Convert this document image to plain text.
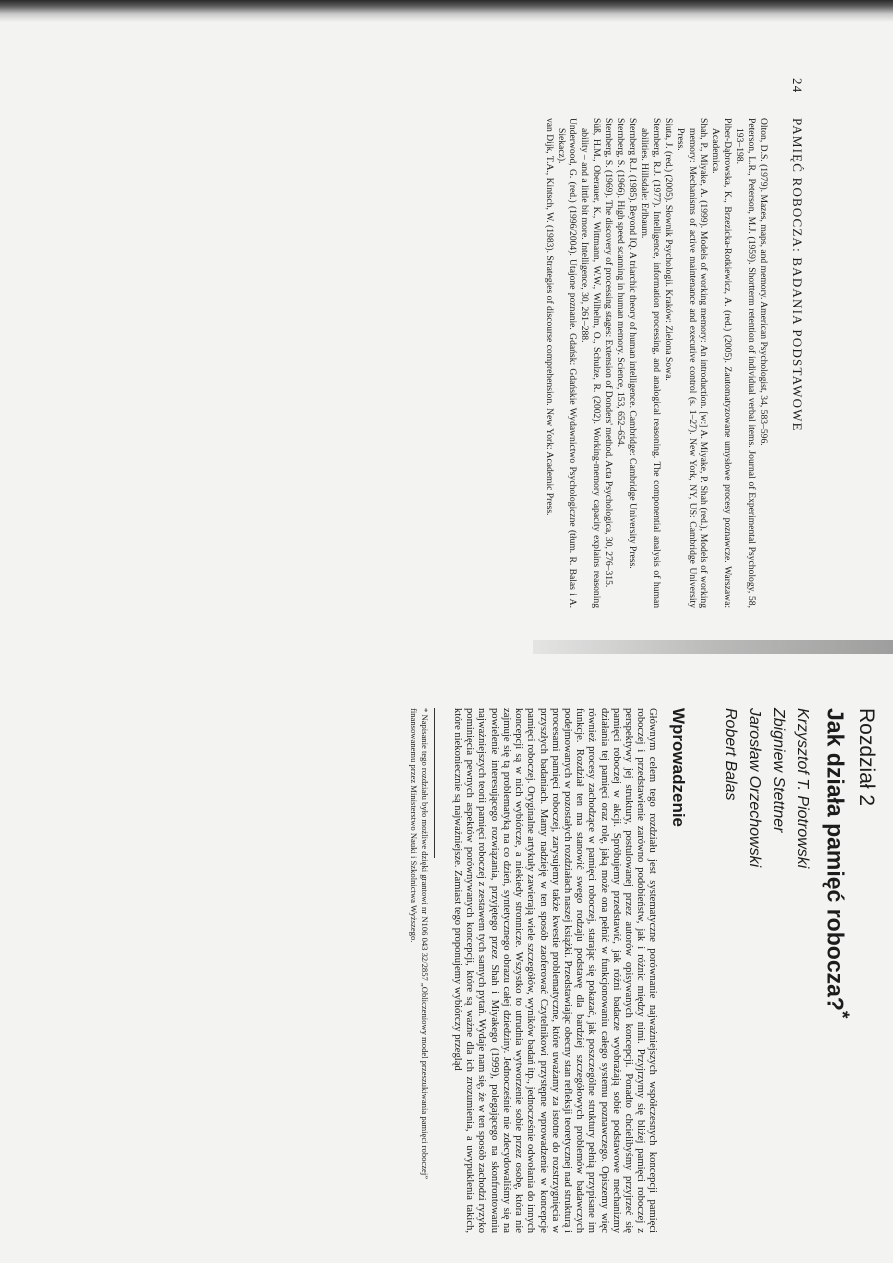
24
PAMIĘĆ ROBOCZA: BADANIA PODSTAWOWE

Olton, D.S. (1979). Mazes, maps, and memory. American Psychologist, 34, 583–596.

Peterson, L.R., Peterson, M.J. (1959). Shortterm retention of individual verbal items. Journal of Experimental Psychology, 58, 193–198.

Piber-Dąbrowska, K., Brzezicka-Rotkiewicz, A. (red.) (2005). Zautomatyzowane umysłowe procesy poznawcze. Warszawa: Academica.

Shah, P., Miyake, A. (1999). Models of working memory: An introduction. [w:] A. Miyake, P. Shah (red.), Models of working memory: Mechanisms of active maintenance and executive control (s. 1–27). New York, NY, US: Cambridge University Press.

Siuta, J. (red.) (2005). Słownik Psychologii. Kraków: Zielona Sowa.

Sternberg, R.J. (1977). Intelligence, information processing, and analogical reasoning. The componential analysis of human abilities. Hillsdale: Erlbaum.

Sternberg R.J. (1985). Beyond IQ. A triarchic theory of human intelligence. Cambridge: Cambridge University Press.

Sternberg, S. (1966). High speed scanning in human memory. Science, 153, 652–654.

Sternberg, S. (1969). The discovery of processing stages: Extension of Donders' method. Acta Psychologica, 30, 276–315.

Süß, H.M., Oberauer, K., Wittmann, W.W., Wilhelm, O., Schulze, R. (2002). Working-memory capacity explains reasoning ability – and a little bit more. Intelligence, 30, 261–288.

Underwood, G. (red.) (1996/2004). Utajone poznanie. Gdańsk: Gdańskie Wydawnictwo Psychologiczne (tłum. R. Balas i A. Siekacz).

van Dijk, T.A., Kintsch, W. (1983). Strategies of discourse comprehension. New York: Academic Press.

Rozdział 2
Jak działa pamięć robocza?*
Krzysztof T. Piotrowski
Zbigniew Stettner
Jarosław Orzechowski
Robert Balas
Wprowadzenie

Głównym celem tego rozdziału jest systematyczne porównanie najważniejszych współczesnych koncepcji pamięci roboczej i przedstawienie zarówno podobieństw, jak i różnic między nimi. Przyjrzymy się bliżej pamięci roboczej z perspektywy jej struktury, postulowanej przez autorów opisywanych koncepcji. Ponadto chcielibyśmy przyjrzeć się pamięci roboczej w akcji. Spróbujemy przedstawić, jak różni badacze wyobrażają sobie podstawowe mechanizmy działania tej pamięci oraz rolę, jaką może ona pełnić w funkcjonowaniu całego systemu poznawczego. Opiszemy więc również procesy zachodzące w pamięci roboczej, starając się pokazać, jak poszczególne struktury pełnią przypisane im funkcje. Rozdział ten ma stanowić swego rodzaju podstawę dla bardziej szczegółowych problemów badawczych podejmowanych w pozostałych rozdziałach naszej książki. Przedstawiając obecny stan refleksji teoretycznej nad strukturą i procesami pamięci roboczej, zarysujemy także kwestie problematyczne, które uważamy za istotne do rozstrzygnięcia w przyszłych badaniach. Mamy nadzieję w ten sposób zaoferować Czytelnikowi przystępne wprowadzenie w koncepcje pamięci roboczej. Oryginalne artykuły zawierają wiele szczegółów, wyników badań itp., jednocześnie odwołania do innych koncepcji są w nich wybiórcze, a niekiedy stronnicze. Wszystko to utrudnia wytworzenie sobie przez osobę, która nie zajmuje się tą problematyką na co dzień, syntetycznego obrazu całej dziedziny. Jednocześnie nie zdecydowaliśmy się na powielenie interesującego rozwiązania, przyjętego przez Shah i Miyakego (1999), polegającego na skonfrontowaniu najważniejszych teorii pamięci roboczej z zestawem tych samych pytań. Wydaje nam się, że w ten sposób zachodzi ryzyko pominięcia pewnych aspektów porównywanych koncepcji, które są ważne dla ich zrozumienia, a uwypuklenia takich, które niekoniecznie są najważniejsze. Zamiast tego proponujemy wybiórczy przegląd

* Napisanie tego rozdziału było możliwe dzięki grantowi nr N106 043 32/2857 „Obliczeniowy model przeszukiwania pamięci roboczej” finansowanemu przez Ministerstwo Nauki i Szkolnictwa Wyższego.
